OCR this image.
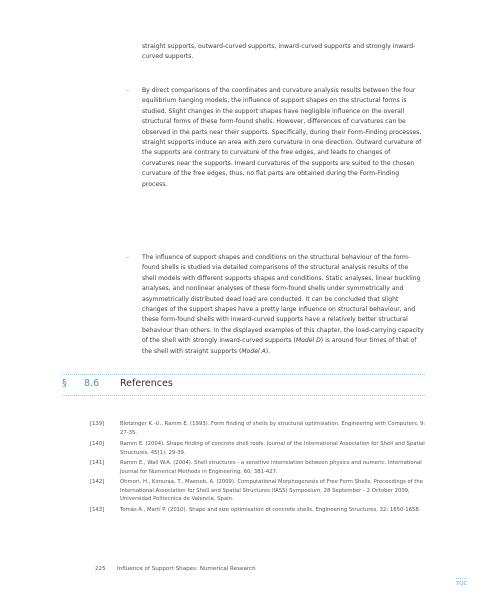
straight supports, outward-curved supports, inward-curved supports and strongly inward-curved supports.
–	By direct comparisons of the coordinates and curvature analysis results between the four equilibrium hanging models, the influence of support shapes on the structural forms is studied. Slight changes in the support shapes have negligible influence on the overall structural forms of these form-found shells. However, differences of curvatures can be observed in the parts near their supports. Specifically, during their Form-Finding processes, straight supports induce an area with zero curvature in one direction. Outward curvature of the supports are contrary to curvature of the free edges, and leads to changes of curvatures near the supports. Inward curvatures of the supports are suited to the chosen curvature of the free edges, thus, no flat parts are obtained during the Form-Finding process.
–	The influence of support shapes and conditions on the structural behaviour of the form-found shells is studied via detailed comparisons of the structural analysis results of the shell models with different supports shapes and conditions. Static analyses, linear buckling analyses, and nonlinear analyses of these form-found shells under symmetrically and asymmetrically distributed dead load are conducted. It can be concluded that slight changes of the support shapes have a pretty large influence on structural behaviour, and these form-found shells with inward-curved supports have a relatively better structural behaviour than others. In the displayed examples of this chapter, the load-carrying capacity of the shell with strongly inward-curved supports (Model D) is around four times of that of the shell with straight supports (Model A).
§ 8.6 References
[139]	Bletzinger K.-U., Ramm E. (1993). Form finding of shells by structural optimisation. Engineering with Computers, 9: 27-35.
[140]	Ramm E. (2004). Shape finding of concrete shell roofs. Journal of the International Association for Shell and Spatial Structures, 45(1): 29-39.
[141]	Ramm E., Wall W.A. (2004). Shell structures - a sensitive interrelation between physics and numeric. International Journal for Numerical Methods in Engineering, 60: 381-427.
[142]	Ohmori, H., Kimuraa, T., Maeneb, A. (2009). Computational Morphogenesis of Free Form Shells. Proceedings of the International Association for Shell and Spatial Structures (IASS) Symposium, 28 September - 2 October 2009, Universidad Politecnica de Valencia, Spain.
[143]	Tomás A., Martí P. (2010). Shape and size optimisation of concrete shells. Engineering Structures, 32: 1650-1658.
225 Influence of Support Shapes: Numerical Research
TOC
